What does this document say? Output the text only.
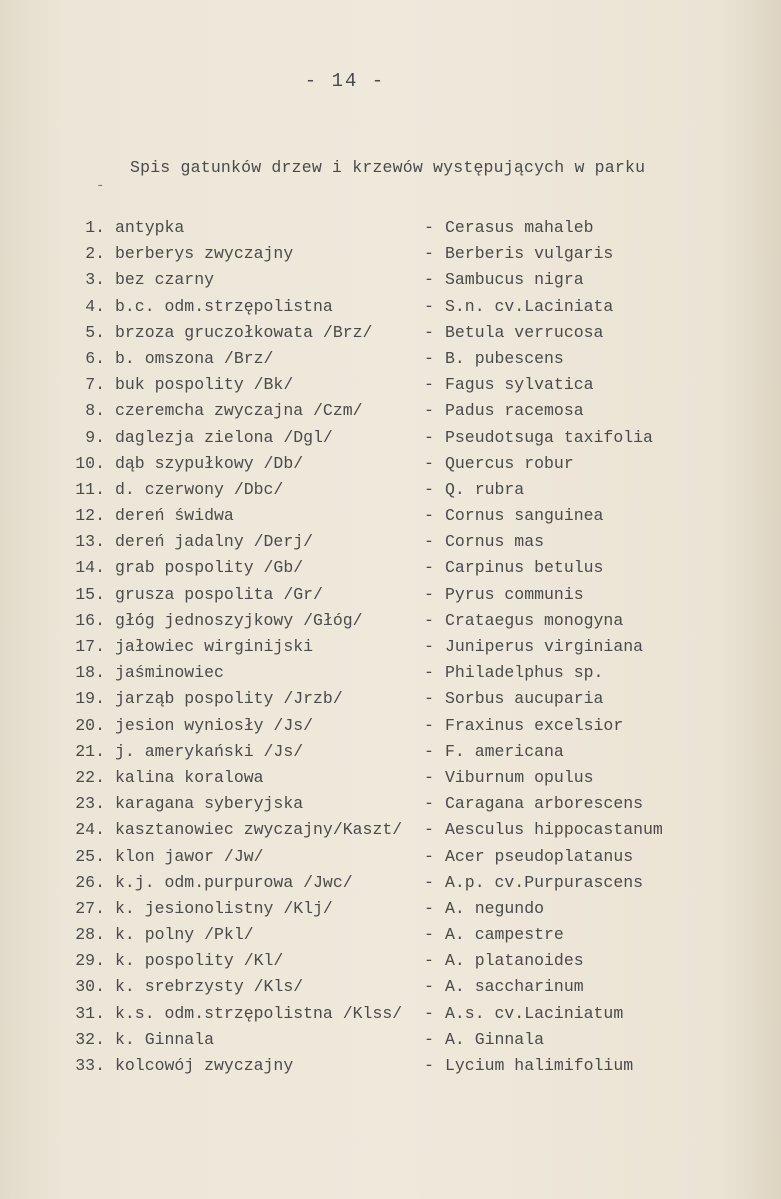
- 14 -
Spis gatunków drzew i krzewów występujących w parku
-
1. antypka	- Cerasus mahaleb
2. berberys zwyczajny	- Berberis vulgaris
3. bez czarny	- Sambucus nigra
4. b.c. odm.strzępolistna	- S.n. cv.Laciniata
5. brzoza gruczołkowata /Brz/	- Betula verrucosa
6. b. omszona /Brz/	- B. pubescens
7. buk pospolity /Bk/	- Fagus sylvatica
8. czeremcha zwyczajna /Czm/	- Padus racemosa
9. daglezja zielona /Dgl/	- Pseudotsuga taxifolia
10. dąb szypułkowy /Db/	- Quercus robur
11. d. czerwony /Dbc/	- Q. rubra
12. dereń świdwa	- Cornus sanguinea
13. dereń jadalny /Derj/	- Cornus mas
14. grab pospolity /Gb/	- Carpinus betulus
15. grusza pospolita /Gr/	- Pyrus communis
16. głóg jednoszyjkowy /Głóg/	- Crataegus monogyna
17. jałowiec wirginijski	- Juniperus virginiana
18. jaśminowiec	- Philadelphus sp.
19. jarząb pospolity /Jrzb/	- Sorbus aucuparia
20. jesion wyniosły /Js/	- Fraxinus excelsior
21. j. amerykański /Js/	- F. americana
22. kalina koralowa	- Viburnum opulus
23. karagana syberyjska	- Caragana arborescens
24. kasztanowiec zwyczajny/Kaszt/ - Aesculus hippocastanum
25. klon jawor /Jw/	- Acer pseudoplatanus
26. k.j. odm.purpurowa /Jwc/	- A.p. cv.Purpurascens
27. k. jesionolistny /Klj/	- A. negundo
28. k. polny /Pkl/	- A. campestre
29. k. pospolity /Kl/	- A. platanoides
30. k. srebrzysty /Kls/	- A. saccharinum
31. k.s. odm.strzępolistna /Klss/ - A.s. cv.Laciniatum
32. k. Ginnala	- A. Ginnala
33. kolcowój zwyczajny	- Lycium halimifolium
